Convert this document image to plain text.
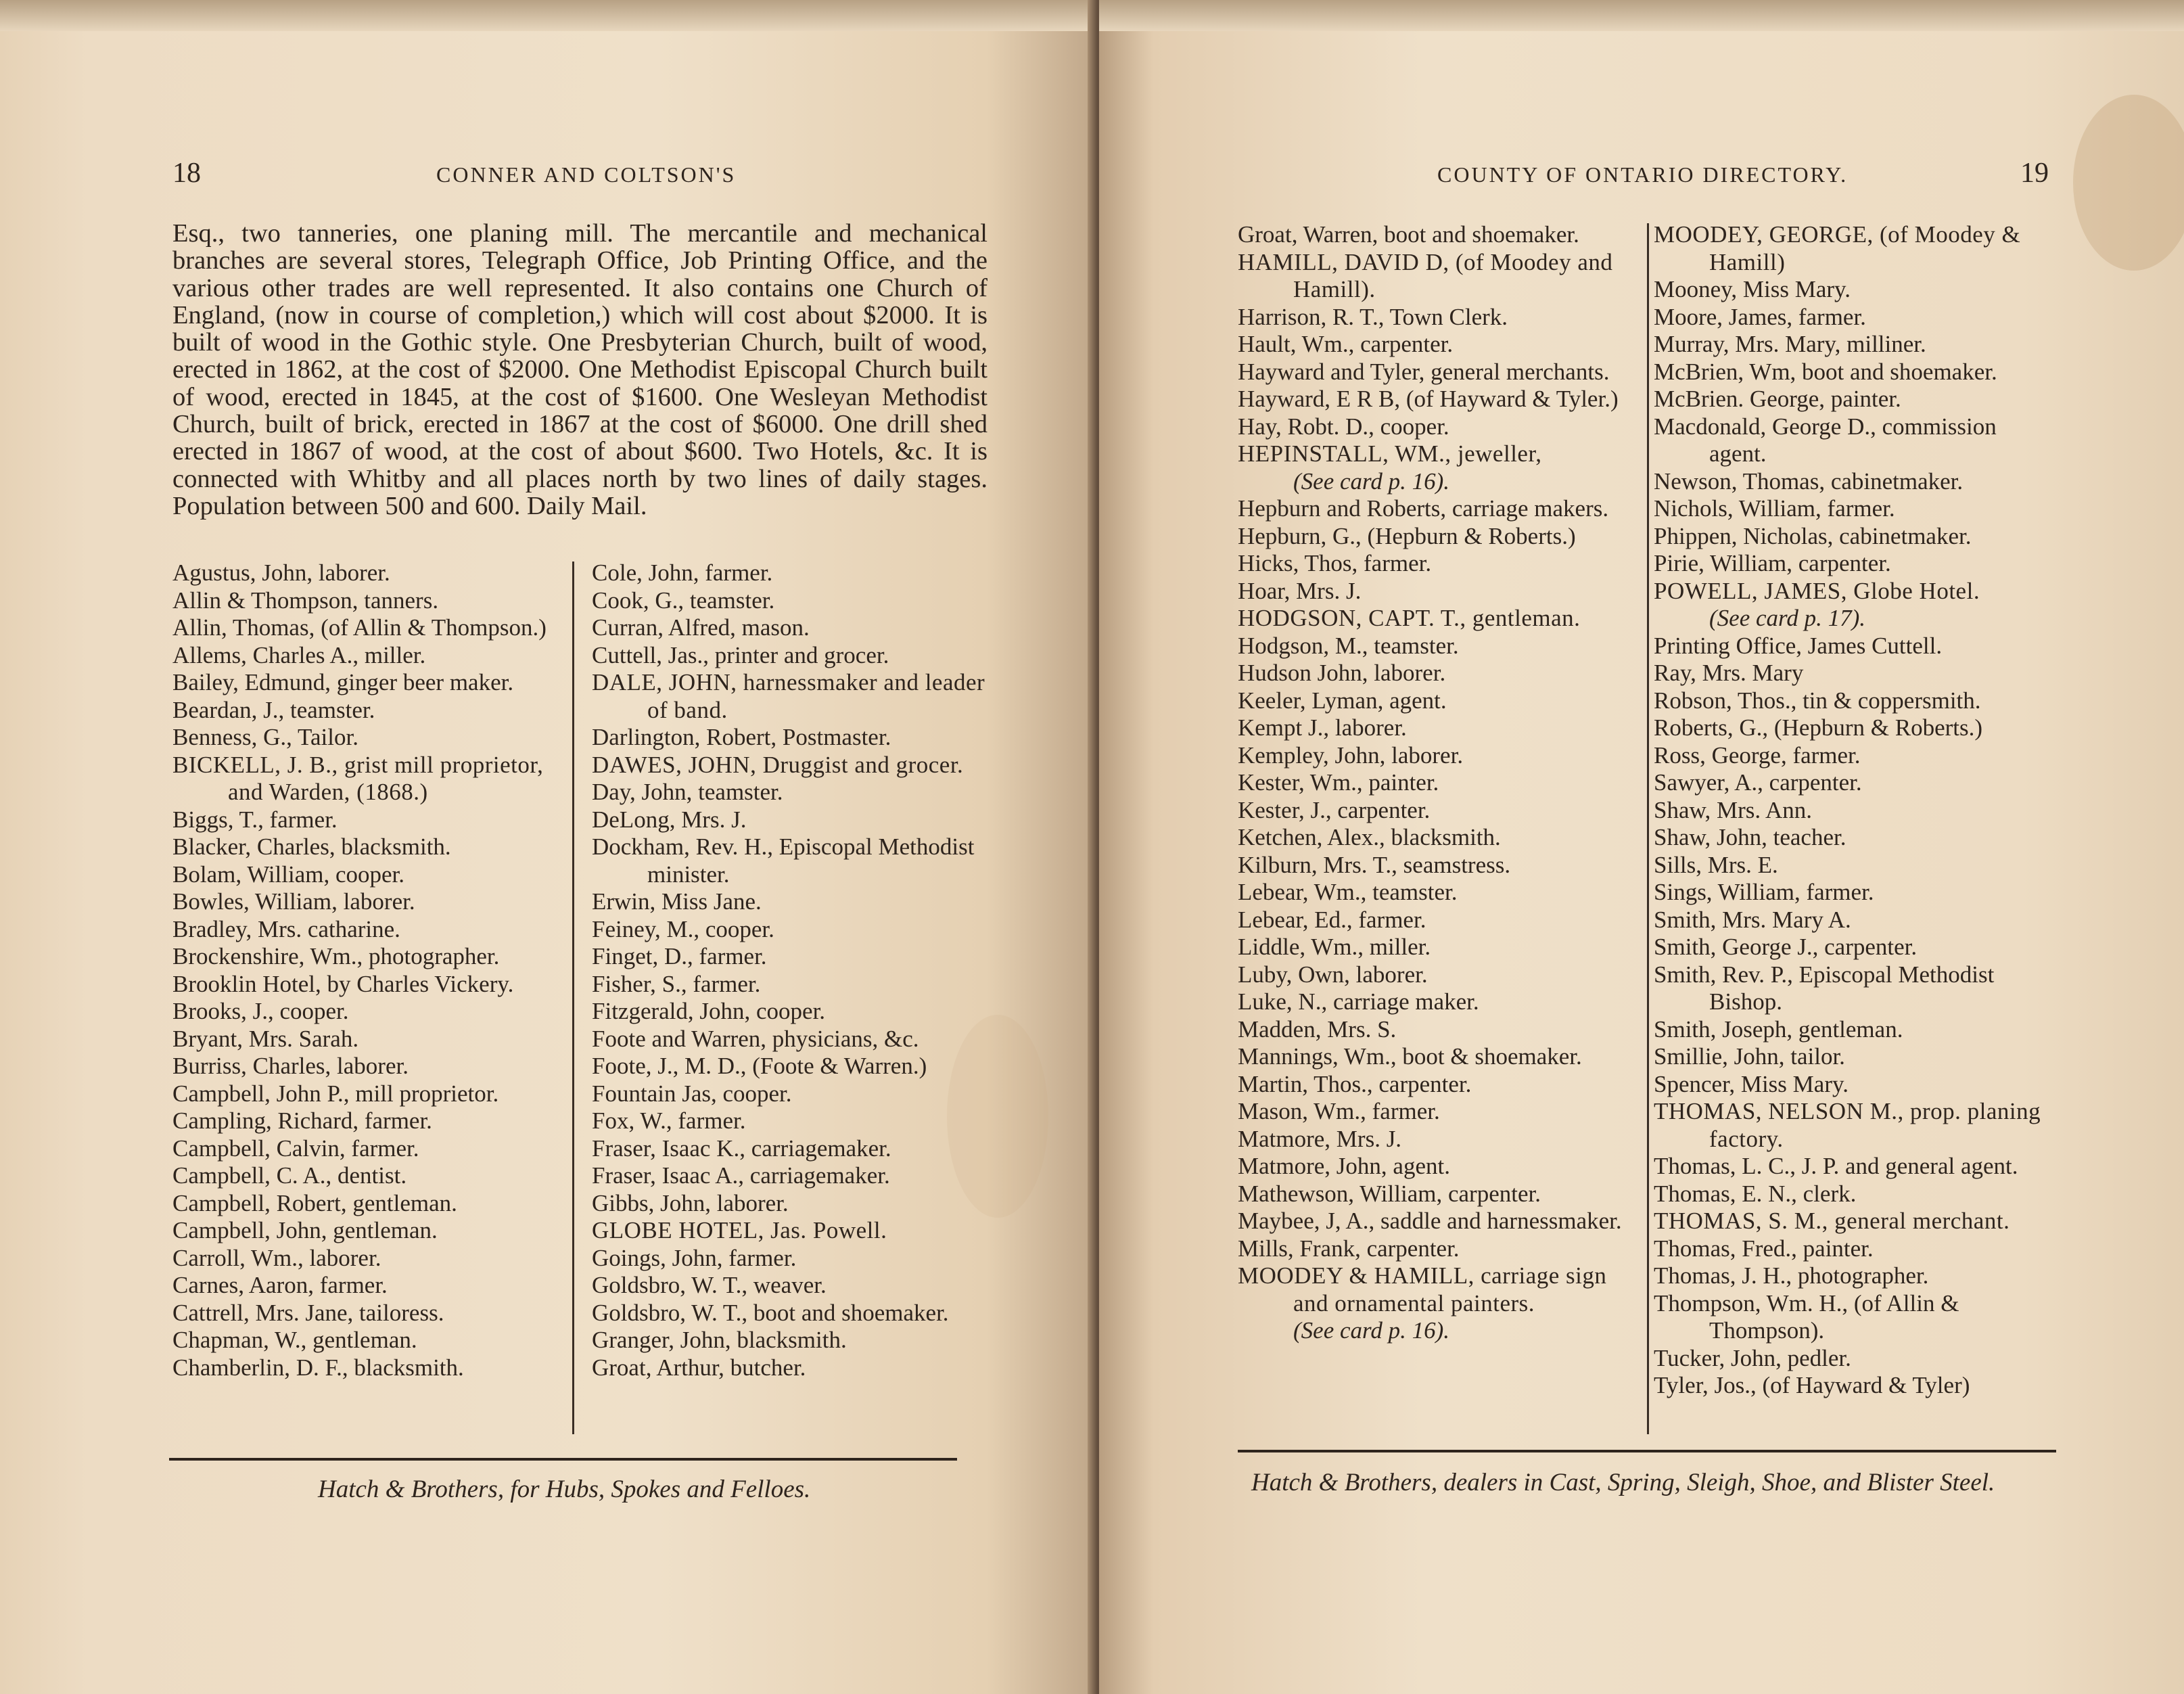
18	CONNER AND COLTSON'S

Esq., two tanneries, one planing mill. The mercantile and mechanical branches are several stores, Telegraph Office, Job Printing Office, and the various other trades are well represented. It also contains one Church of England, (now in course of completion,) which will cost about $2000. It is built of wood in the Gothic style. One Presbyterian Church, built of wood, erected in 1862, at the cost of $2000. One Methodist Episcopal Church built of wood, erected in 1845, at the cost of $1600. One Wesleyan Methodist Church, built of brick, erected in 1867 at the cost of $6000. One drill shed erected in 1867 of wood, at the cost of about $600. Two Hotels, &c. It is connected with Whitby and all places north by two lines of daily stages. Population between 500 and 600. Daily Mail.

Agustus, John, laborer.
Allin & Thompson, tanners.
Allin, Thomas, (of Allin & Thompson.)
Allems, Charles A., miller.
Bailey, Edmund, ginger beer maker.
Beardan, J., teamster.
Benness, G., Tailor.
BICKELL, J. B., grist mill proprietor, and Warden, (1868.)
Biggs, T., farmer.
Blacker, Charles, blacksmith.
Bolam, William, cooper.
Bowles, William, laborer.
Bradley, Mrs. catharine.
Brockenshire, Wm., photographer.
Brooklin Hotel, by Charles Vickery.
Brooks, J., cooper.
Bryant, Mrs. Sarah.
Burriss, Charles, laborer.
Campbell, John P., mill proprietor.
Campling, Richard, farmer.
Campbell, Calvin, farmer.
Campbell, C. A., dentist.
Campbell, Robert, gentleman.
Campbell, John, gentleman.
Carroll, Wm., laborer.
Carnes, Aaron, farmer.
Cattrell, Mrs. Jane, tailoress.
Chapman, W., gentleman.
Chamberlin, D. F., blacksmith.
Cole, John, farmer.
Cook, G., teamster.
Curran, Alfred, mason.
Cuttell, Jas., printer and grocer.
DALE, JOHN, harnessmaker and leader of band.
Darlington, Robert, Postmaster.
DAWES, JOHN, Druggist and grocer.
Day, John, teamster.
DeLong, Mrs. J.
Dockham, Rev. H., Episcopal Methodist minister.
Erwin, Miss Jane.
Feiney, M., cooper.
Finget, D., farmer.
Fisher, S., farmer.
Fitzgerald, John, cooper.
Foote and Warren, physicians, &c.
Foote, J., M. D., (Foote & Warren.)
Fountain Jas, cooper.
Fox, W., farmer.
Fraser, Isaac K., carriagemaker.
Fraser, Isaac A., carriagemaker.
Gibbs, John, laborer.
GLOBE HOTEL, Jas. Powell.
Goings, John, farmer.
Goldsbro, W. T., weaver.
Goldsbro, W. T., boot and shoemaker.
Granger, John, blacksmith.
Groat, Arthur, butcher.
Hatch & Brothers, for Hubs, Spokes and Felloes.
COUNTY OF ONTARIO DIRECTORY.	19
Groat, Warren, boot and shoemaker.
HAMILL, DAVID D, (of Moodey and Hamill).
Harrison, R. T., Town Clerk.
Hault, Wm., carpenter.
Hayward and Tyler, general merchants.
Hayward, E R B, (of Hayward & Tyler.)
Hay, Robt. D., cooper.
HEPINSTALL, WM., jeweller,
(See card p. 16).
Hepburn and Roberts, carriage makers.
Hepburn, G., (Hepburn & Roberts.)
Hicks, Thos, farmer.
Hoar, Mrs. J.
HODGSON, CAPT. T., gentleman.
Hodgson, M., teamster.
Hudson John, laborer.
Keeler, Lyman, agent.
Kempt J., laborer.
Kempley, John, laborer.
Kester, Wm., painter.
Kester, J., carpenter.
Ketchen, Alex., blacksmith.
Kilburn, Mrs. T., seamstress.
Lebear, Wm., teamster.
Lebear, Ed., farmer.
Liddle, Wm., miller.
Luby, Own, laborer.
Luke, N., carriage maker.
Madden, Mrs. S.
Mannings, Wm., boot & shoemaker.
Martin, Thos., carpenter.
Mason, Wm., farmer.
Matmore, Mrs. J.
Matmore, John, agent.
Mathewson, William, carpenter.
Maybee, J, A., saddle and harnessmaker.
Mills, Frank, carpenter.
MOODEY & HAMILL, carriage sign and ornamental painters.
(See card p. 16).
MOODEY, GEORGE, (of Moodey & Hamill)
Mooney, Miss Mary.
Moore, James, farmer.
Murray, Mrs. Mary, milliner.
McBrien, Wm, boot and shoemaker.
McBrien. George, painter.
Macdonald, George D., commission agent.
Newson, Thomas, cabinetmaker.
Nichols, William, farmer.
Phippen, Nicholas, cabinetmaker.
Pirie, William, carpenter.
POWELL, JAMES, Globe Hotel.
(See card p. 17).
Printing Office, James Cuttell.
Ray, Mrs. Mary
Robson, Thos., tin & coppersmith.
Roberts, G., (Hepburn & Roberts.)
Ross, George, farmer.
Sawyer, A., carpenter.
Shaw, Mrs. Ann.
Shaw, John, teacher.
Sills, Mrs. E.
Sings, William, farmer.
Smith, Mrs. Mary A.
Smith, George J., carpenter.
Smith, Rev. P., Episcopal Methodist Bishop.
Smith, Joseph, gentleman.
Smillie, John, tailor.
Spencer, Miss Mary.
THOMAS, NELSON M., prop. planing factory.
Thomas, L. C., J. P. and general agent.
Thomas, E. N., clerk.
THOMAS, S. M., general merchant.
Thomas, Fred., painter.
Thomas, J. H., photographer.
Thompson, Wm. H., (of Allin & Thompson).
Tucker, John, pedler.
Tyler, Jos., (of Hayward & Tyler)
Hatch & Brothers, dealers in Cast, Spring, Sleigh, Shoe, and Blister Steel.
